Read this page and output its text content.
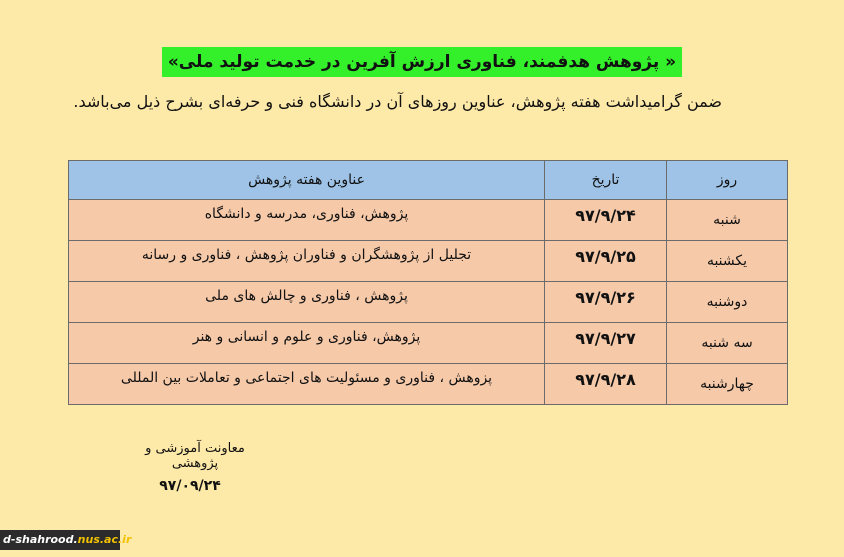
« پژوهش هدفمند، فناوری ارزش آفرین در خدمت تولید ملی»
ضمن گرامیداشت هفته پژوهش، عناوین روزهای آن در دانشگاه فنی و حرفه‌ای بشرح ذیل می‌باشد.
روز	تاریخ	عناوین هفته پژوهش
شنبه	۹۷/۹/۲۴	پژوهش، فناوری، مدرسه و دانشگاه
یکشنبه	۹۷/۹/۲۵	تجلیل از پژوهشگران و فناوران پژوهش ، فناوری و رسانه
دوشنبه	۹۷/۹/۲۶	پژوهش ، فناوری و چالش های ملی
سه شنبه	۹۷/۹/۲۷	پژوهش، فناوری و علوم و انسانی و هنر
چهارشنبه	۹۷/۹/۲۸	پزوهش ، فناوری و مسئولیت های اجتماعی و تعاملات بین المللی
معاونت آموزشی و پژوهشی
۹۷/۰۹/۲۴
d-shahrood.nus.ac.ir
